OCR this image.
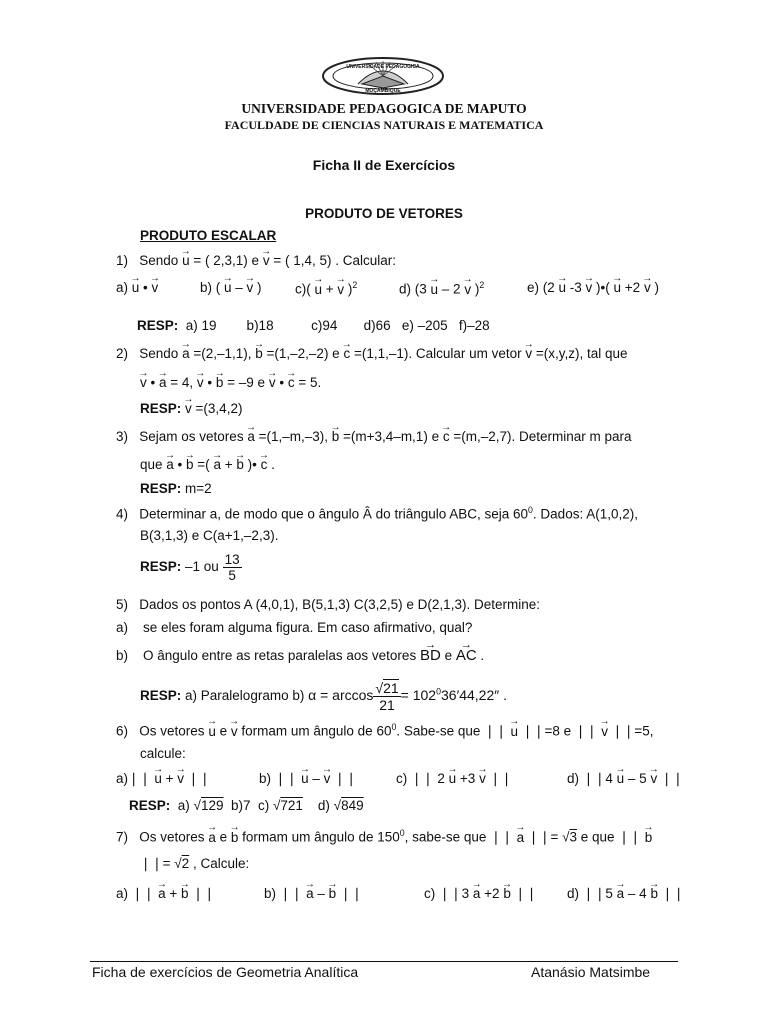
UNIVERSIDADE PEDAGOGICA
MOÇAMBIQUE
UNIVERSIDADE PEDAGOGICA DE MAPUTO
FACULDADE DE CIENCIAS NATURAIS E MATEMATICA
Ficha II de Exercícios
PRODUTO DE VETORES
PRODUTO ESCALAR
1) Sendo → u = ( 2,3,1) e → v = ( 1,4, 5) . Calcular:
a) → u • → v	b) ( → u – → v ) c)( → u + → v )$^2$	d) (3 → u – 2 → v )$^2$	e) (2 → u -3 → v )•( → u +2 → v )
RESP: a) 19        b)18          c)94       d)66   e) –205   f)–28
2)   Sendo → a =(2,–1,1), → b =(1,–2,–2) e → c =(1,1,–1). Calcular um vetor → v =(x,y,z), tal que
→ v • → a = 4, → v • → b = –9 e → v • → c = 5.
RESP: → v =(3,4,2)
3)   Sejam os vetores → a =(1,–m,–3), → b =(m+3,4–m,1) e → c =(m,–2,7). Determinar m para
que → a • → b =( → a + → b )• → c .
RESP: m=2
4) Determinar a, de modo que o ângulo Â do triângulo ABC, seja $60^0$. Dados: A(1,0,2),
B(3,1,3) e C(a+1,–2,3).
RESP: –1 ou $\frac{13}{5}$
5) Dados os pontos A (4,0,1), B(5,1,3) C(3,2,5) e D(2,1,3). Determine:
a) se eles foram alguma figura. Em caso afirmativo, qual?
b) O ângulo entre as retas paralelas aos vetores → BD e → AC .
RESP: a) Paralelogramo b) $\alpha = \arccos \frac{√21}{21} = 102^036'44,22''$ .
6) Os vetores → u e → v formam um ângulo de $60^0$. Sabe-se que ❘❘ → u ❘❘=8 e ❘❘ → v ❘❘=5,
calcule:
a)❘❘ → u + → v ❘❘	b) ❘❘ → u – → v ❘❘	c) ❘❘ 2 → u +3 → v ❘❘	d) ❘❘4 → u – 5 → v ❘❘
RESP:  a) √129  b)7  c) √721    d) √849
7) Os vetores → a e → b formam um ângulo de $150^0$, sabe-se que ❘❘ → a ❘❘= √3 e que ❘❘ → b
❘❘= √2 , Calcule:
a) ❘❘ → a + → b ❘❘	b) ❘❘ → a – → b ❘❘	c) ❘❘3 → a +2 → b ❘❘ d) ❘❘5 → a – 4 → b ❘❘
Ficha de exercícios de Geometria Analítica	Atanásio Matsimbe
